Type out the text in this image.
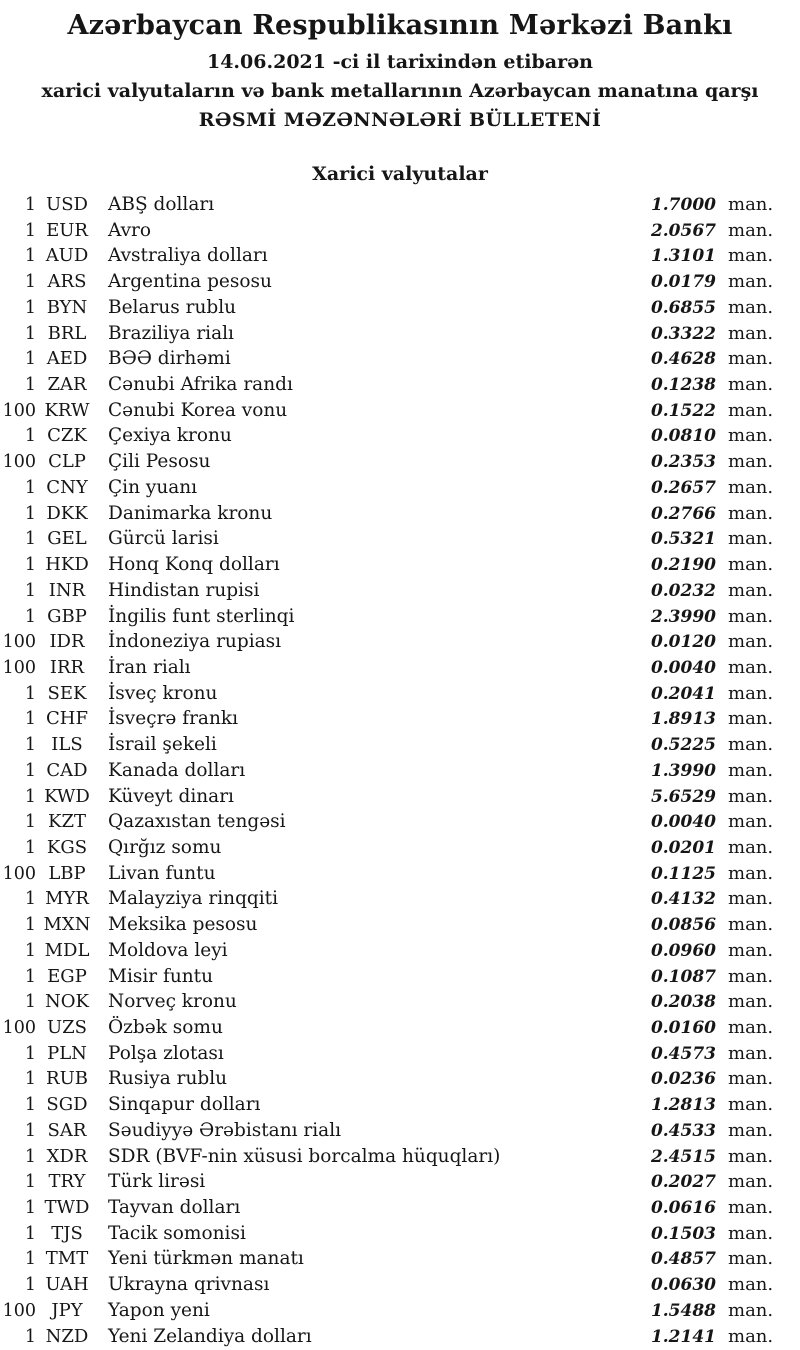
Azərbaycan Respublikasının Mərkəzi Bankı

14.06.2021 -ci il tarixindən etibarən

xarici valyutaların və bank metallarının Azərbaycan manatına qarşı

RƏSMİ MƏZƏNNƏLƏRİ BÜLLETENİ

Xarici valyutalar
1 USD	ABŞ dolları	1.7000 man.
1 EUR	Avro	2.0567 man.
1 AUD	Avstraliya dolları	1.3101 man.
1 ARS	Argentina pesosu	0.0179 man.
1 BYN	Belarus rublu	0.6855 man.
1 BRL	Braziliya rialı	0.3322 man.
1 AED	BƏƏ dirhəmi	0.4628 man.
1 ZAR	Cənubi Afrika randı	0.1238 man.
100 KRW Cənubi Korea vonu	0.1522 man.
1 CZK	Çexiya kronu	0.0810 man.
100 CLP	Çili Pesosu	0.2353 man.
1 CNY	Çin yuanı	0.2657 man.
1 DKK	Danimarka kronu	0.2766 man.
1 GEL	Gürcü larisi	0.5321 man.
1 HKD	Honq Konq dolları	0.2190 man.
1 INR	Hindistan rupisi	0.0232 man.
1 GBP	İngilis funt sterlinqi	2.3990 man.
100 IDR	İndoneziya rupiası	0.0120 man.
100 IRR	İran rialı	0.0040 man.
1 SEK	İsveç kronu	0.2041 man.
1 CHF	İsveçrə frankı	1.8913 man.
1 ILS	İsrail şekeli	0.5225 man.
1 CAD	Kanada dolları	1.3990 man.
1 KWD Küveyt dinarı	5.6529 man.
1 KZT	Qazaxıstan tengəsi	0.0040 man.
1 KGS	Qırğız somu	0.0201 man.
100 LBP	Livan funtu	0.1125 man.
1 MYR	Malayziya rinqqiti	0.4132 man.
1 MXN Meksika pesosu	0.0856 man.
1 MDL	Moldova leyi	0.0960 man.
1 EGP	Misir funtu	0.1087 man.
1 NOK	Norveç kronu	0.2038 man.
100 UZS	Özbək somu	0.0160 man.
1 PLN	Polşa zlotası	0.4573 man.
1 RUB	Rusiya rublu	0.0236 man.
1 SGD	Sinqapur dolları	1.2813 man.
1 SAR	Səudiyyə Ərəbistanı rialı	0.4533 man.
1 XDR	SDR (BVF-nin xüsusi borcalma hüquqları)	2.4515 man.
1 TRY	Türk lirəsi	0.2027 man.
1 TWD	Tayvan dolları	0.0616 man.
1 TJS	Tacik somonisi	0.1503 man.
1 TMT	Yeni türkmən manatı	0.4857 man.
1 UAH	Ukrayna qrivnası	0.0630 man.
100 JPY	Yapon yeni	1.5488 man.
1 NZD	Yeni Zelandiya dolları	1.2141 man.
